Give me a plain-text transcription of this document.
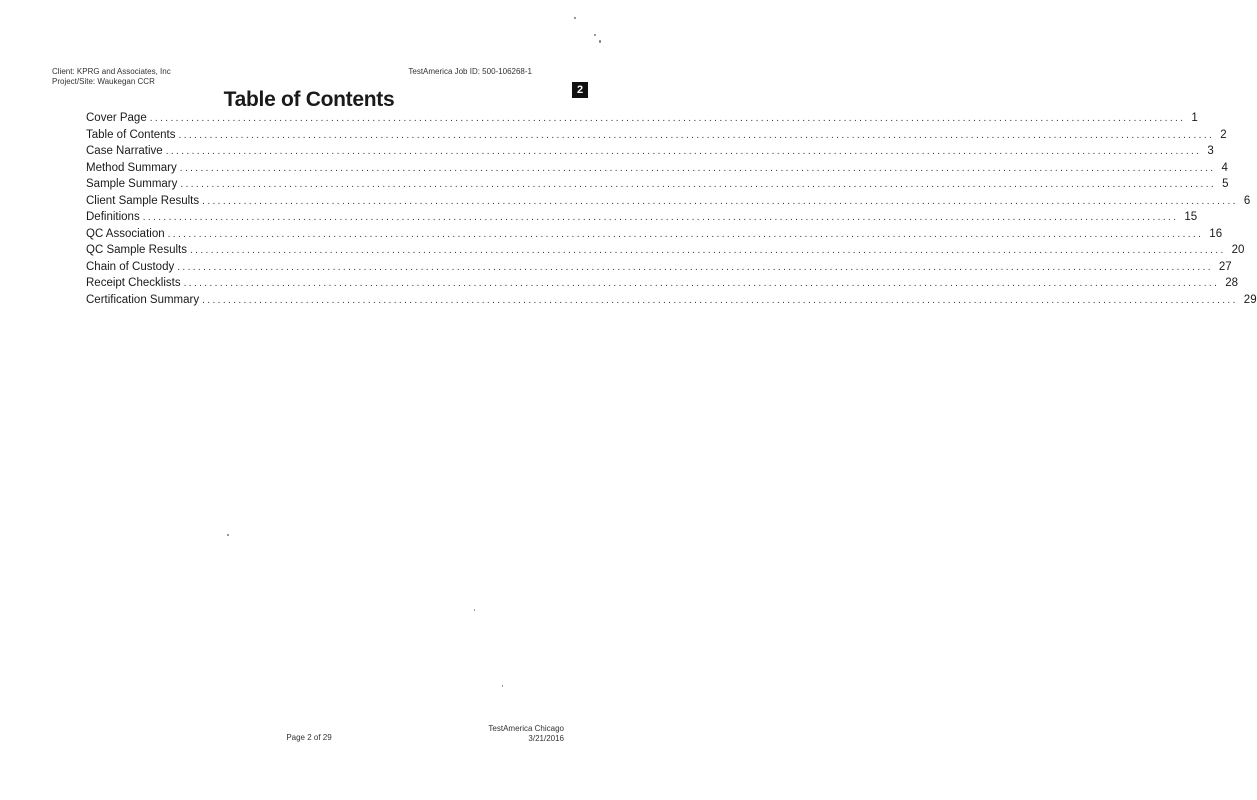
Client: KPRG and Associates, Inc
Project/Site: Waukegan CCR
TestAmerica Job ID: 500-106268-1
2
Table of Contents
Cover Page ........................................................................................................................................................................................................ 1
Table of Contents ........................................................................................................................................................................................................ 2
Case Narrative ........................................................................................................................................................................................................ 3
Method Summary ........................................................................................................................................................................................................ 4
Sample Summary ........................................................................................................................................................................................................ 5
Client Sample Results ........................................................................................................................................................................................................ 6
Definitions ........................................................................................................................................................................................................ 15
QC Association ........................................................................................................................................................................................................ 16
QC Sample Results ........................................................................................................................................................................................................ 20
Chain of Custody ........................................................................................................................................................................................................ 27
Receipt Checklists ........................................................................................................................................................................................................ 28
Certification Summary ........................................................................................................................................................................................................ 29
Page 2 of 29
TestAmerica Chicago
3/21/2016
